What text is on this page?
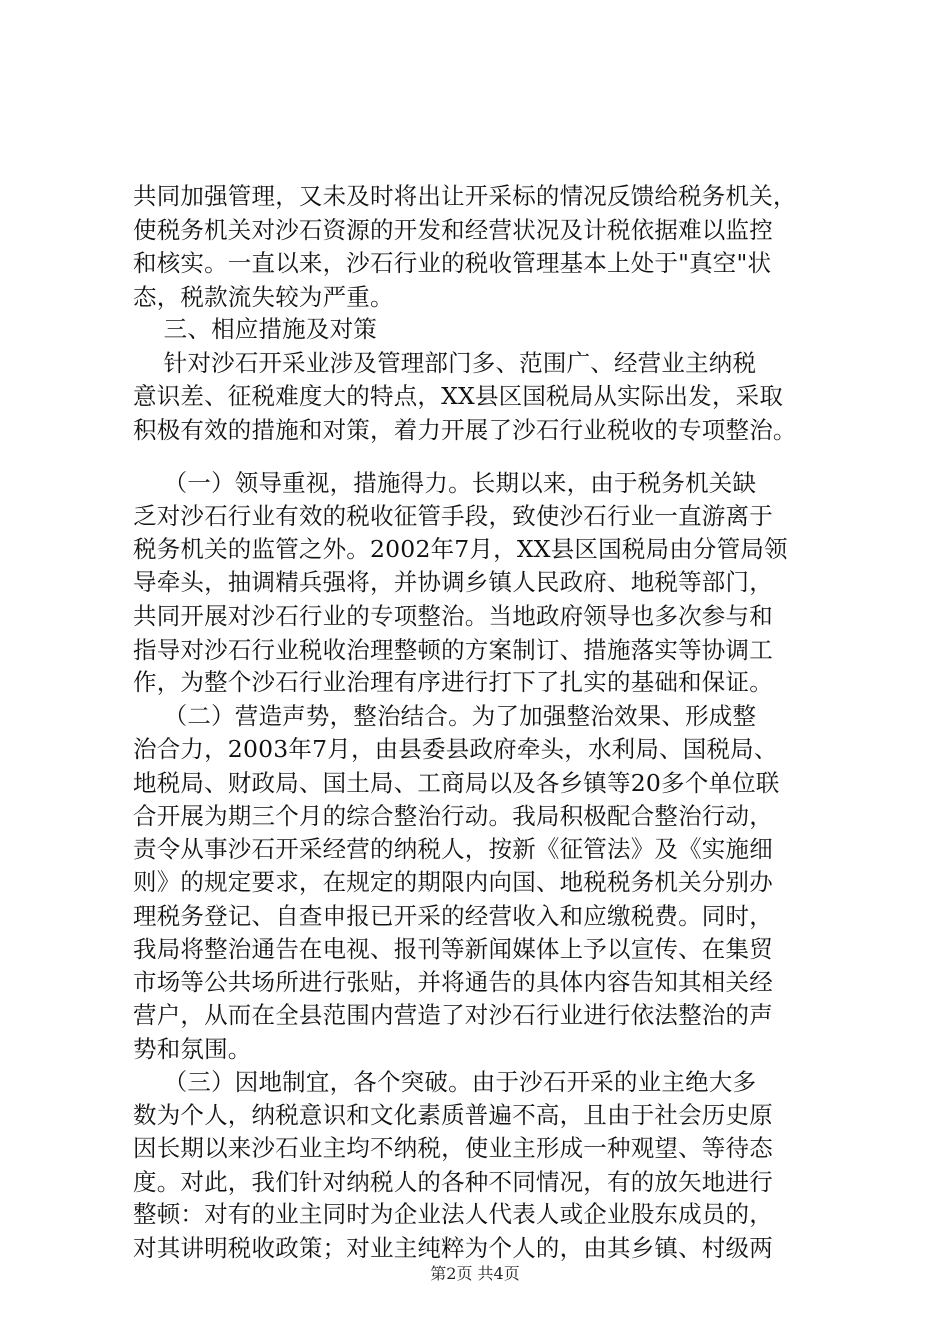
共同加强管理，又未及时将出让开采标的情况反馈给税务机关，
使税务机关对沙石资源的开发和经营状况及计税依据难以监控
和核实。一直以来，沙石行业的税收管理基本上处于"真空"状
态，税款流失较为严重。
三、相应措施及对策
针对沙石开采业涉及管理部门多、范围广、经营业主纳税
意识差、征税难度大的特点，XX县区国税局从实际出发，采取
积极有效的措施和对策，着力开展了沙石行业税收的专项整治。
（一）领导重视，措施得力。长期以来，由于税务机关缺
乏对沙石行业有效的税收征管手段，致使沙石行业一直游离于
税务机关的监管之外。2002年7月，XX县区国税局由分管局领
导牵头，抽调精兵强将，并协调乡镇人民政府、地税等部门，
共同开展对沙石行业的专项整治。当地政府领导也多次参与和
指导对沙石行业税收治理整顿的方案制订、措施落实等协调工
作，为整个沙石行业治理有序进行打下了扎实的基础和保证。
（二）营造声势，整治结合。为了加强整治效果、形成整
治合力，2003年7月，由县委县政府牵头，水利局、国税局、
地税局、财政局、国土局、工商局以及各乡镇等20多个单位联
合开展为期三个月的综合整治行动。我局积极配合整治行动，
责令从事沙石开采经营的纳税人，按新《征管法》及《实施细
则》的规定要求，在规定的期限内向国、地税税务机关分别办
理税务登记、自查申报已开采的经营收入和应缴税费。同时，
我局将整治通告在电视、报刊等新闻媒体上予以宣传、在集贸
市场等公共场所进行张贴，并将通告的具体内容告知其相关经
营户，从而在全县范围内营造了对沙石行业进行依法整治的声
势和氛围。
（三）因地制宜，各个突破。由于沙石开采的业主绝大多
数为个人，纳税意识和文化素质普遍不高，且由于社会历史原
因长期以来沙石业主均不纳税，使业主形成一种观望、等待态
度。对此，我们针对纳税人的各种不同情况，有的放矢地进行
整顿：对有的业主同时为企业法人代表人或企业股东成员的，
对其讲明税收政策；对业主纯粹为个人的，由其乡镇、村级两
第2页 共4页
